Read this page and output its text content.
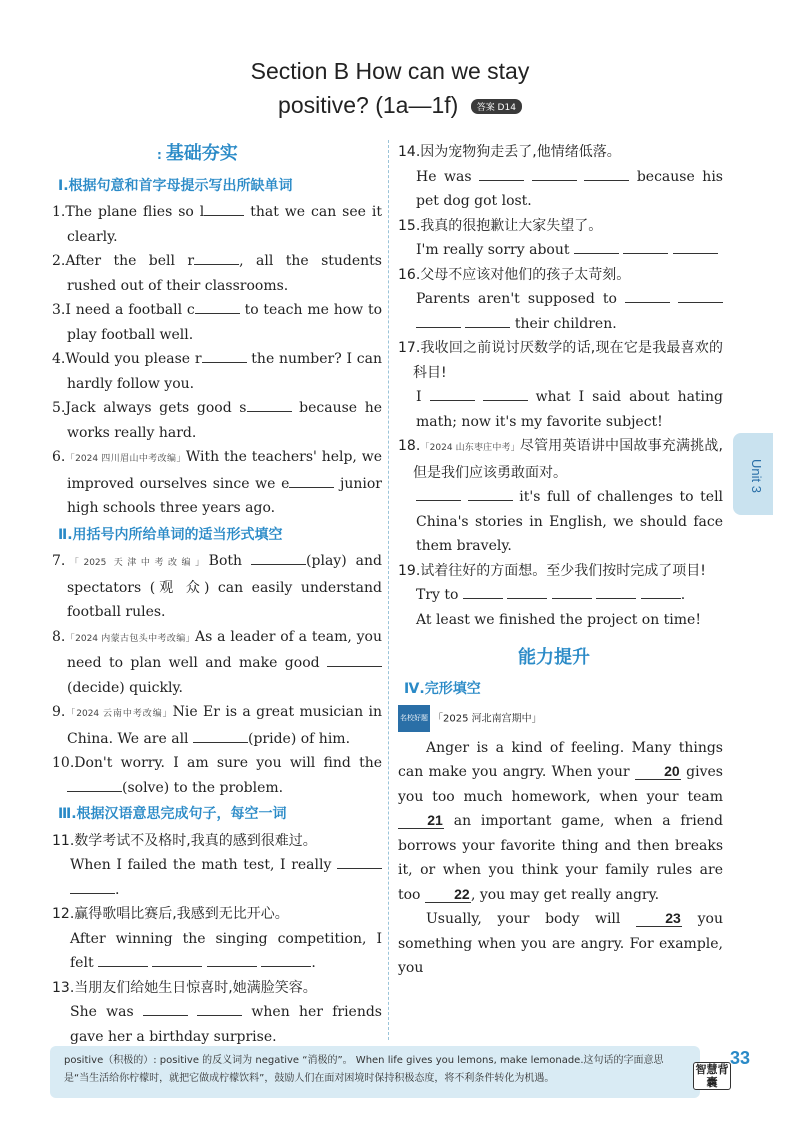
Section B How can we stay
positive? (1a—1f) 答案 D14
: 基础夯实
Ⅰ.根据句意和首字母提示写出所缺单词
1.The plane flies so l	that we can see it clearly.
2.After the bell r	, all the students rushed out of their classrooms.
3.I need a football c	to teach me how to play football well.
4.Would you please r	the number? I can hardly follow you.
5.Jack always gets good s	because he works really hard.
6.「2024 四川眉山中考改编」With the teachers' help, we improved ourselves since we e	junior high schools three years ago.
Ⅱ.用括号内所给单词的适当形式填空
7.「2025 天津中考改编」Both	(play) and spectators (观 众) can easily understand football rules.
8.「2024 内蒙古包头中考改编」As a leader of a team, you need to plan well and make good (decide) quickly.
9.「2024 云南中考改编」Nie Er is a great musician in China. We are all	(pride) of him.
10.Don't worry. I am sure you will find the (solve) to the problem.
Ⅲ.根据汉语意思完成句子，每空一词
11.数学考试不及格时,我真的感到很难过。
When I failed the math test, I really  .
12.赢得歌唱比赛后,我感到无比开心。
After winning the singing competition, I felt	.
13.当朋友们给她生日惊喜时,她满脸笑容。
She was	when her friends gave her a birthday surprise.
14.因为宠物狗走丢了,他情绪低落。
He was	because his pet dog got lost.
15.我真的很抱歉让大家失望了。
I'm really sorry about
16.父母不应该对他们的孩子太苛刻。
Parents aren't supposed to     their children.
17.我收回之前说讨厌数学的话,现在它是我最喜欢的科目!
I	what I said about hating math; now it's my favorite subject!
18.「2024 山东枣庄中考」尽管用英语讲中国故事充满挑战,但是我们应该勇敢面对。
it's full of challenges to tell China's stories in English, we should face them bravely.
19.试着往好的方面想。至少我们按时完成了项目!
Try to	.
At least we finished the project on time!
能力提升
Ⅳ.完形填空
名校好题 「2025 河北南宫期中」

Anger is a kind of feeling. Many things can make you angry. When your 20 gives you too much homework, when your team 21 an important game, when a friend borrows your favorite thing and then breaks it, or when you think your family rules are too 22, you may get really angry.

Usually, your body will	23 you something when you are angry. For example, you

Unit 3
positive（积极的）: positive 的反义词为 negative “消极的”。 When life gives you lemons, make lemonade.这句话的字面意思
是“当生活给你柠檬时，就把它做成柠檬饮料”，鼓励人们在面对困境时保持积极态度，将不利条件转化为机遇。
智慧背囊
33
